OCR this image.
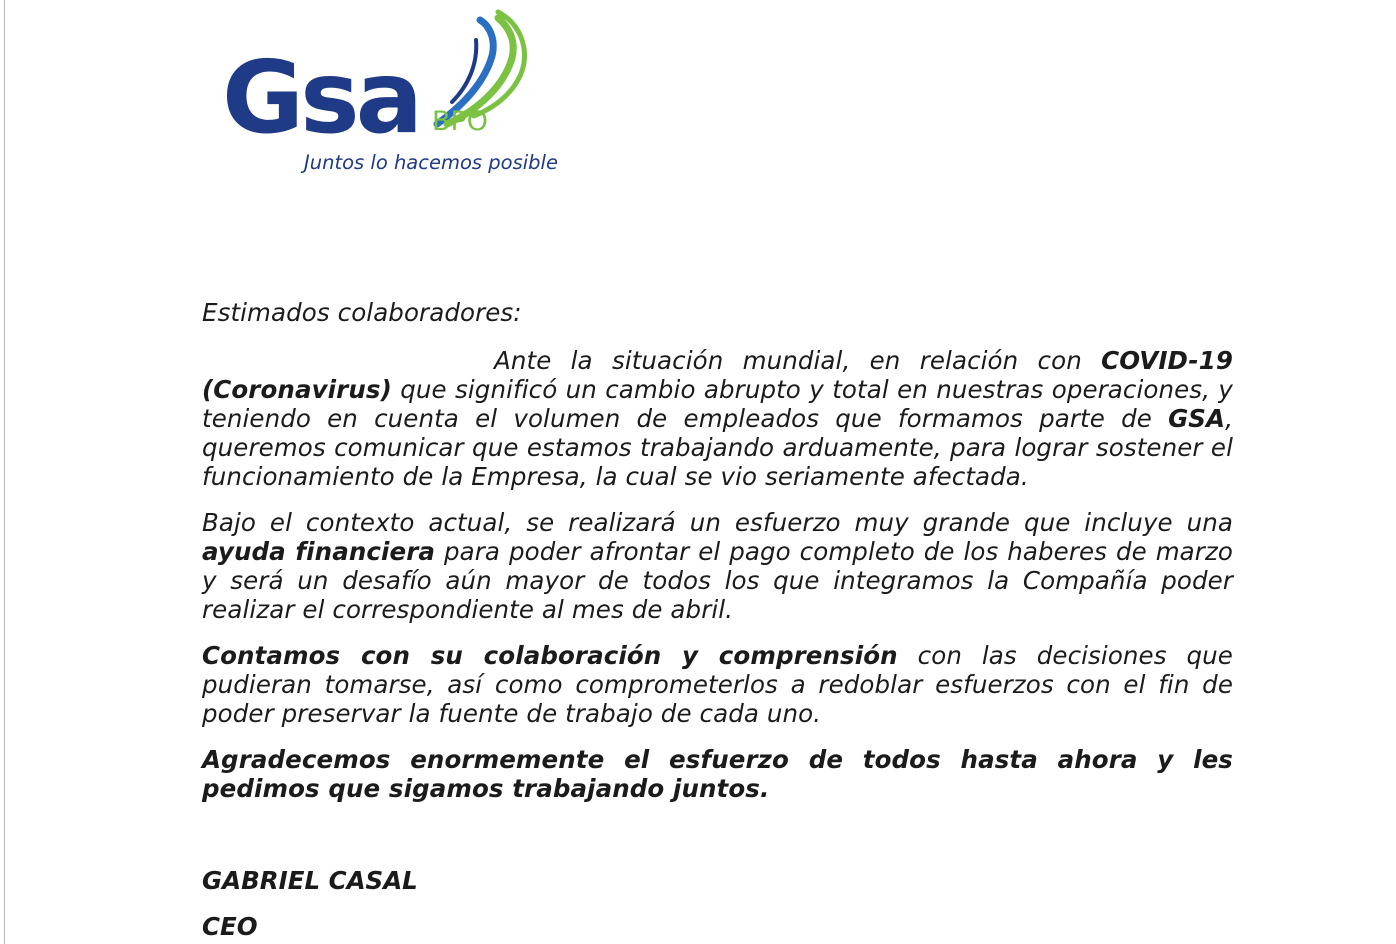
Gsa BPO
Juntos lo hacemos posible

Estimados colaboradores:

Ante la situación mundial, en relación con COVID-19 (Coronavirus) que significó un cambio abrupto y total en nuestras operaciones, y teniendo en cuenta el volumen de empleados que formamos parte de GSA, queremos comunicar que estamos trabajando arduamente, para lograr sostener el funcionamiento de la Empresa, la cual se vio seriamente afectada.

Bajo el contexto actual, se realizará un esfuerzo muy grande que incluye una ayuda financiera para poder afrontar el pago completo de los haberes de marzo y será un desafío aún mayor de todos los que integramos la Compañía poder realizar el correspondiente al mes de abril.

Contamos con su colaboración y comprensión con las decisiones que pudieran tomarse, así como comprometerlos a redoblar esfuerzos con el fin de poder preservar la fuente de trabajo de cada uno.

Agradecemos enormemente el esfuerzo de todos hasta ahora y les pedimos que sigamos trabajando juntos.

GABRIEL CASAL
CEO
